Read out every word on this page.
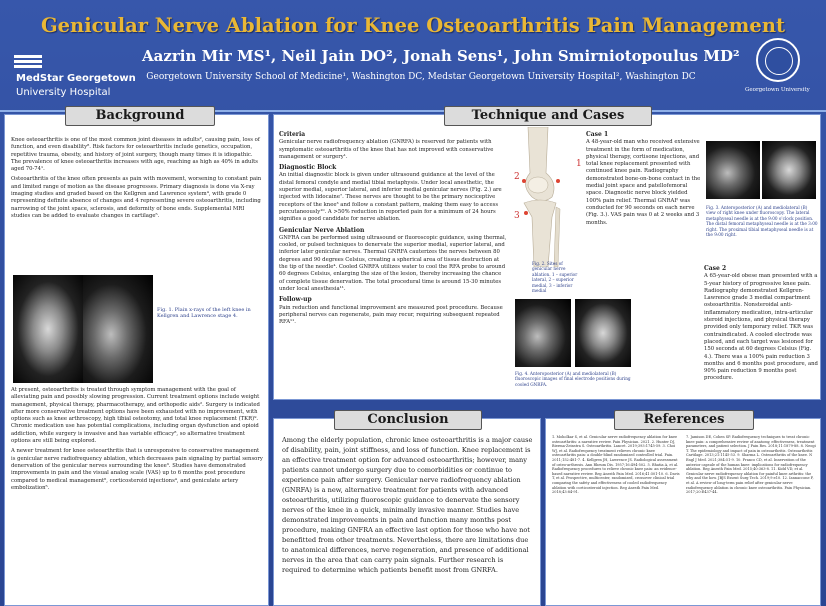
MedStar Georgetown
University Hospital
Genicular Nerve Ablation for Knee Osteoarthritis Pain Management
Aazrin Mir MS¹, Neil Jain DO², Jonah Sens¹, John Smirniotopoulus MD²
Georgetown University School of Medicine¹, Washington DC, Medstar Georgetown University Hospital², Washington DC
Georgetown University
Background

Knee osteoarthritis is one of the most common joint diseases in adults², causing pain, loss of function, and even disability⁸. Risk factors for osteoarthritis include genetics, occupation, repetitive trauma, obesity, and history of joint surgery, though many times it is idiopathic. The prevalence of knee osteoarthritis increases with age, reaching as high as 40% in adults aged 70-74¹.

Osteoarthritis of the knee often presents as pain with movement, worsening to constant pain and limited range of motion as the disease progresses. Primary diagnosis is done via X-ray imaging studies and graded based on the Kellgren and Lawrence system⁴, with grade 0 representing definite absence of changes and 4 representing severe osteoarthritis, including narrowing of the joint space, sclerosis, and deformity of bone ends. Supplemental MRI studies can be added to evaluate changes in cartilage⁵.

Fig. 1. Plain x-rays of the left knee in Kellgren and Lawrence stage 4.

At present, osteoarthritis is treated through symptom management with the goal of alleviating pain and possibly slowing progression. Current treatment options include weight management, physical therapy, pharmacotherapy, and orthopedic aids². Surgery is indicated after more conservative treatment options have been exhausted with no improvement, with options such as knee arthroscopy, high tibial osteotomy, and total knee replacement (TKR)⁹. Chronic medication use has potential complications, including organ dysfunction and opioid addiction, while surgery is invasive and has variable efficacy⁸, so alternative treatment options are still being explored.

A newer treatment for knee osteoarthritis that is unresponsive to conservative management is genicular nerve radiofrequency ablation, which decreases pain signaling by partial sensory denervation of the genicular nerves surrounding the knee³. Studies have demonstrated improvements in pain and the visual analog scale (VAS) up to 6 months post procedure compared to medical management⁶, corticosteroid injections⁴, and geniculate artery embolization⁵.

Technique and Cases
Criteria

Genicular nerve radiofrequency ablation (GNRFA) is reserved for patients with symptomatic osteoarthritis of the knee that has not improved with conservative management or surgery¹.

Diagnostic Block

An initial diagnostic block is given under ultrasound guidance at the level of the distal femoral condyle and medial tibial metaphysis. Under local anesthetic, the superior medial, superior lateral, and inferior medial genicular nerves (Fig. 2.) are injected with lidocaine⁷. These nerves are thought to be the primary nociceptive receptors of the knee³ and follow a constant pattern, making them easy to access percutaneously¹⁰. A >50% reduction in reported pain for a minimum of 24 hours signifies a good candidate for nerve ablation.

Genicular Nerve Ablation

GNFRA can be performed using ultrasound or fluoroscopic guidance, using thermal, cooled, or pulsed techniques to denervate the superior medial, superior lateral, and inferior later genicular nerves. Thermal GNRFA cauterizes the nerves between 80 degrees and 90 degrees Celsius, creating a spherical area of tissue destruction at the tip of the needle⁴. Cooled GNRFA utilizes water to cool the RFA probe to around 60 degrees Celsius, enlarging the size of the lesion, thereby increasing the chance of complete tissue denervation. The total procedural time is around 15-30 minutes under local anesthesia¹¹.

Follow-up

Pain reduction and functional improvement are measured post procedure. Because peripheral nerves can regenerate, pain may recur, requiring subsequent repeated RFA¹¹.

1
2
3
Fig. 2. Sites of genicular nerve ablation. 1 – superior lateral, 2 – superior medial, 3 – inferior medial
Fig. 4. Anteroposterior (A) and mediolateral (B) fluoroscopic images of final electrode positions during cooled GNRFA.
Case 1

A 48-year-old man who received extensive treatment in the form of medication, physical therapy, cortisone injections, and total knee replacement presented with continued knee pain. Radiography demonstrated bone-on-bone contact in the medial joint space and patellofemoral space. Diagnostic nerve block yielded 100% pain relief. Thermal GNRAF was conducted for 90 seconds on each nerve (Fig. 3.). VAS pain was 0 at 2 weeks and 3 months.

Fig. 3. Anteroposterior (A) and mediolateral (B) view of right knee under fluoroscopy. The lateral metaphyseal needle is at the 9:00 o'clock position. The distal femoral metaphyseal needle is at the 3:00 right. The proximal tibial metaphyseal needle is at the 9:00 right.
Case 2

A 65-year-old obese man presented with a 5-year history of progressive knee pain. Radiography demonstrated Kellgren-Lawrence grade 3 medial compartment osteoarthritis. Nonsteroidal anti-inflammatory medication, intra-articular steroid injections, and physical therapy provided only temporary relief. TKR was contraindicated. A cooled electrode was placed, and each target was lesioned for 150 seconds at 60 degrees Celsius (Fig. 4.). There was a 100% pain reduction 3 months and 6 months post procedure, and 90% pain reduction 9 months post procedure.

Conclusion
Among the elderly population, chronic knee osteoarthritis is a major cause of disability, pain, joint stiffness, and loss of function. Knee replacement is an effective treatment option for advanced osteoarthritis; however, many patients cannot undergo surgery due to comorbidities or continue to experience pain after surgery. Genicular nerve radiofrequency ablation (GNRFA) is a new, alternative treatment for patients with advanced osteoarthritis, utilizing fluoroscopic guidance to denervate the sensory nerves of the knee in a quick, minimally invasive manner. Studies have demonstrated improvements in pain and function many months post procedure, making GNFRA an effective last option for those who have not benefitted from other treatments. Nevertheless, there are limitations due to anatomical differences, nerve regeneration, and presence of additional nerves in the area that can carry pain signals. Further research is required to determine which patients benefit most from GNRFA.
References
1. Moholkar S, et al. Genicular nerve radiofrequency ablation for knee osteoarthritis: a narrative review. Pain Physician. 2021. 2. Hunter DJ, Bierma-Zeinstra S. Osteoarthritis. Lancet. 2019;393:1745-59. 3. Choi WJ, et al. Radiofrequency treatment relieves chronic knee osteoarthritis pain: a double-blind randomized controlled trial. Pain. 2011;152:481-7. 4. Kellgren JH, Lawrence JS. Radiological assessment of osteo-arthrosis. Ann Rheum Dis. 1957;16:494-502. 5. Bhatia A, et al. Radiofrequency procedures to relieve chronic knee pain: an evidence-based narrative review. Reg Anesth Pain Med. 2016;41:501-10. 6. Davis T, et al. Prospective, multicenter, randomized, crossover clinical trial comparing the safety and effectiveness of cooled radiofrequency ablation with corticosteroid injection. Reg Anesth Pain Med. 2018;43:84-91.
7. Jamison DE, Cohen SP. Radiofrequency techniques to treat chronic knee pain: a comprehensive review of anatomy, effectiveness, treatment parameters, and patient selection. J Pain Res. 2018;11:1879-88. 8. Neogi T. The epidemiology and impact of pain in osteoarthritis. Osteoarthritis Cartilage. 2013;21:1145-53. 9. Sharma L. Osteoarthritis of the knee. N Engl J Med. 2021;384:51-9. 10. Franco CD, et al. Innervation of the anterior capsule of the human knee: implications for radiofrequency ablation. Reg Anesth Pain Med. 2015;40:363-8. 11. Kidd VD, et al. Genicular nerve radiofrequency ablation for painful knee arthritis: the why and the how. JBJS Essent Surg Tech. 2019;9:e10. 12. Iannaccone F, et al. A review of long-term pain relief after genicular nerve radiofrequency ablation in chronic knee osteoarthritis. Pain Physician. 2017;20:E437-44.
